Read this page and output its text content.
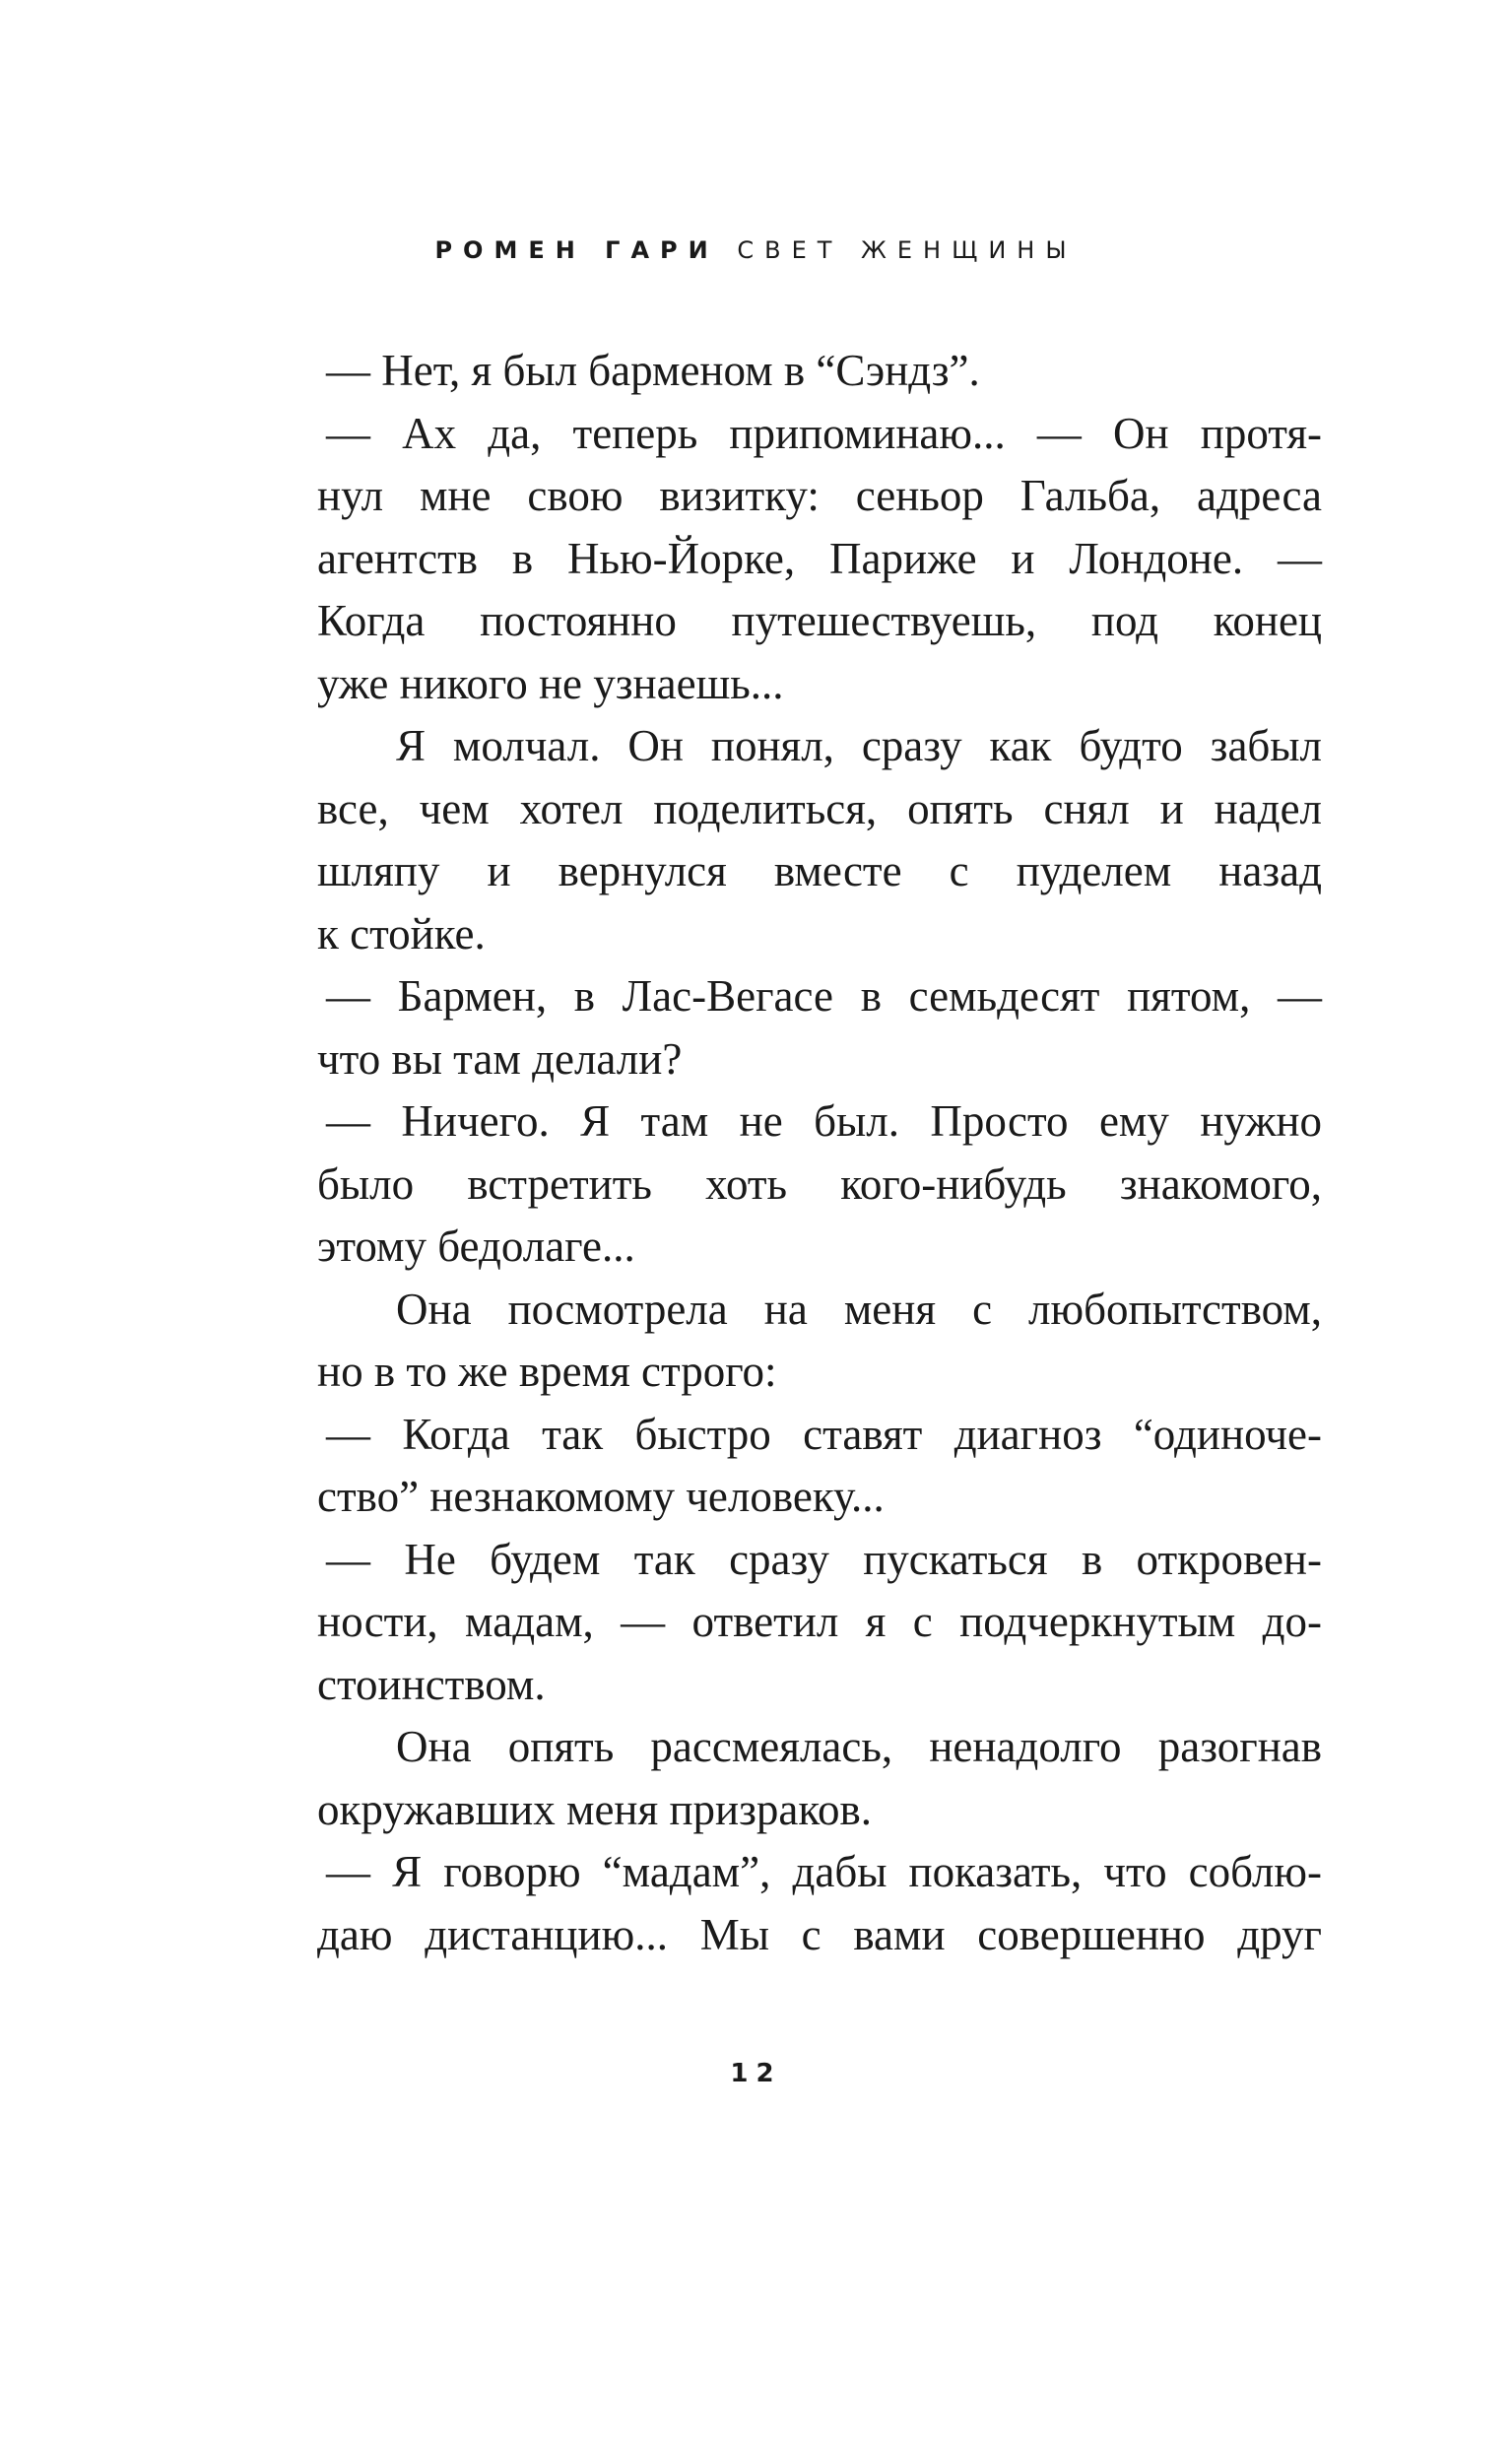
РОМЕН ГАРИ СВЕТ ЖЕНЩИНЫ
— Нет, я был барменом в “Сэндз”.
— Ах да, теперь припоминаю... — Он протя-
нул мне свою визитку: сеньор Гальба, адреса
агентств в Нью-Йорке, Париже и Лондоне. —
Когда постоянно путешествуешь, под конец
уже никого не узнаешь...
Я молчал. Он понял, сразу как будто забыл
все, чем хотел поделиться, опять снял и надел
шляпу и вернулся вместе с пуделем назад
к стойке.
— Бармен, в Лас-Вегасе в семьдесят пятом, —
что вы там делали?
— Ничего. Я там не был. Просто ему нужно
было встретить хоть кого-нибудь знакомого,
этому бедолаге...
Она посмотрела на меня с любопытством,
но в то же время строго:
— Когда так быстро ставят диагноз “одиноче-
ство” незнакомому человеку...
— Не будем так сразу пускаться в откровен-
ности, мадам, — ответил я с подчеркнутым до-
стоинством.
Она опять рассмеялась, ненадолго разогнав
окружавших меня призраков.
— Я говорю “мадам”, дабы показать, что соблю-
даю дистанцию... Мы с вами совершенно друг
12
